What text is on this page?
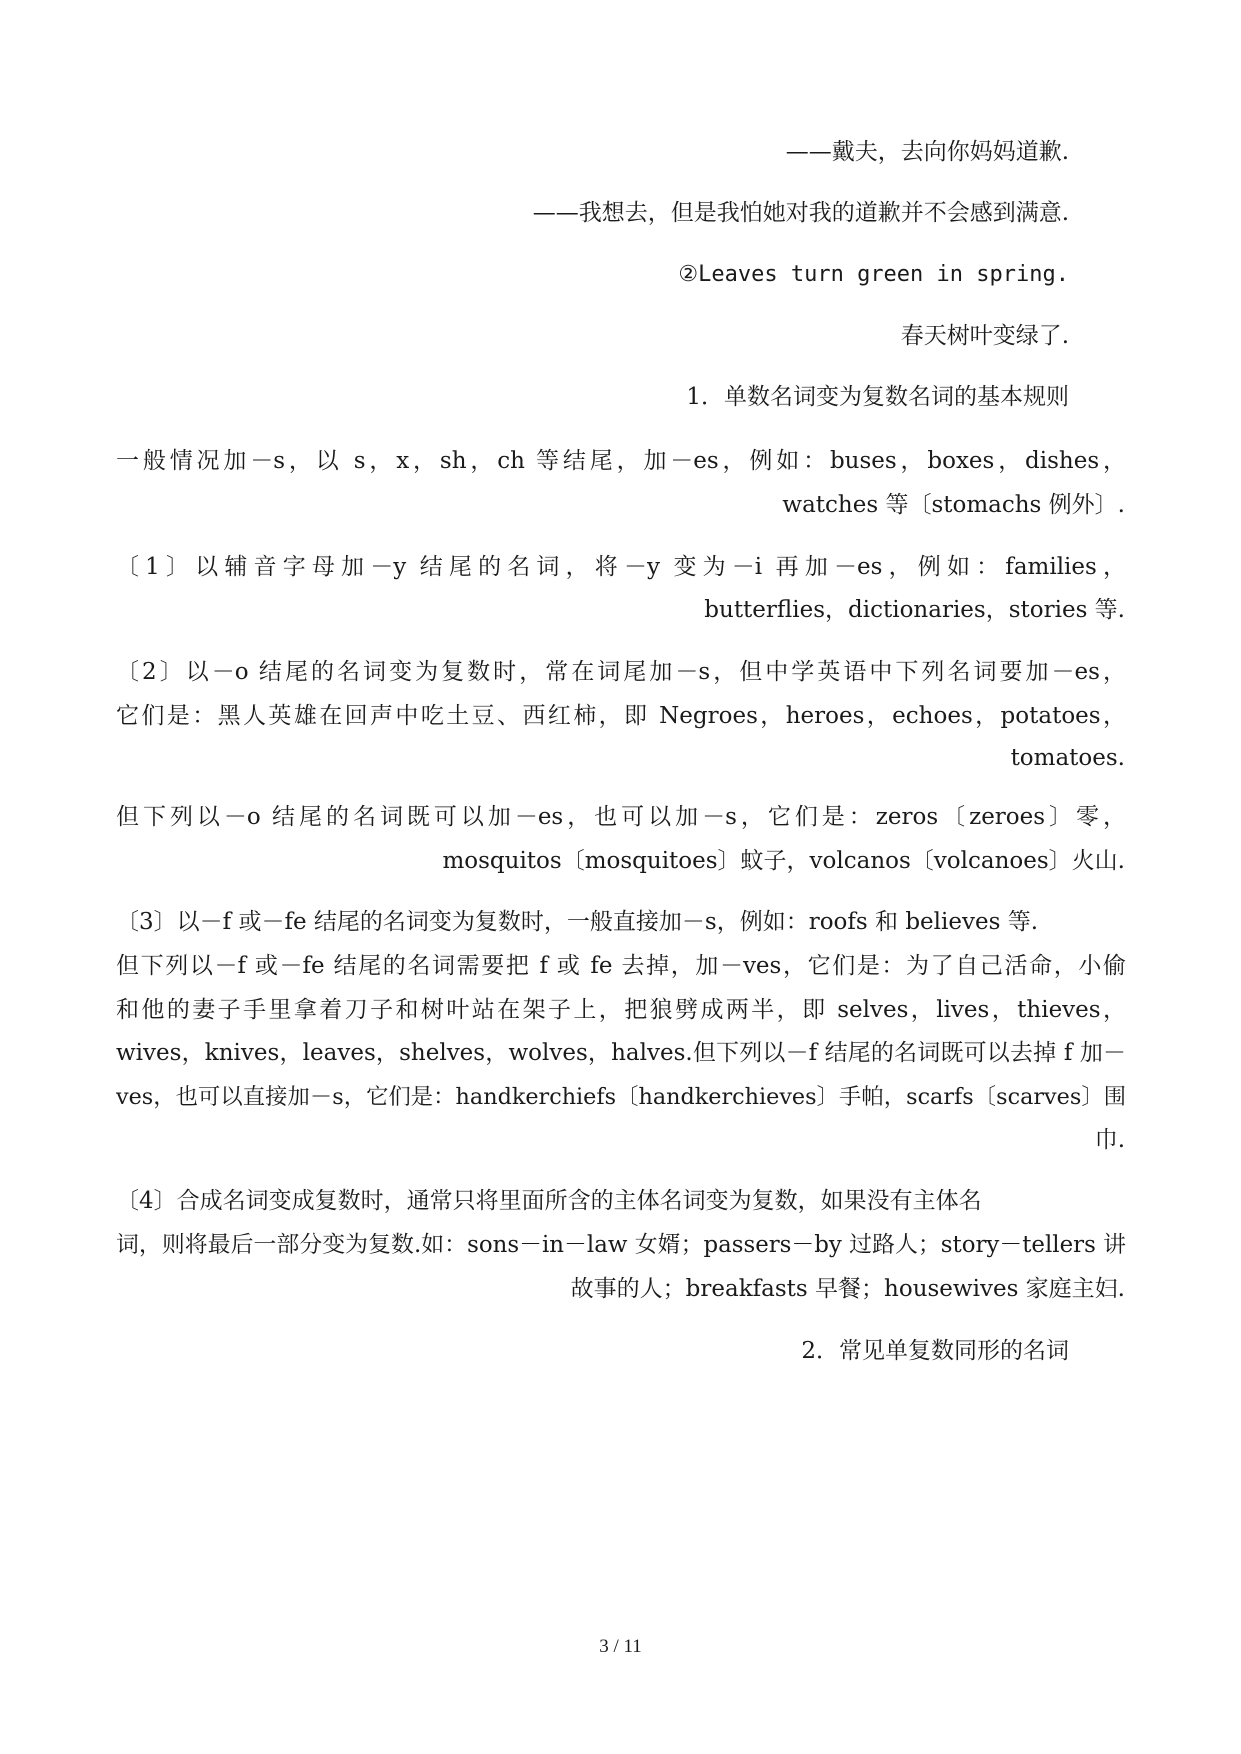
——戴夫，去向你妈妈道歉.
——我想去，但是我怕她对我的道歉并不会感到满意.
②Leaves turn green in spring.
春天树叶变绿了.
1．单数名词变为复数名词的基本规则
一般情况加－s，以 s，x，sh，ch 等结尾，加－es，例如：buses，boxes，dishes，
watches 等〔stomachs 例外〕.
〔1〕以辅音字母加－y 结尾的名词，将－y 变为－i 再加－es，例如：families，
butterflies，dictionaries，stories 等.
〔2〕以－o 结尾的名词变为复数时，常在词尾加－s，但中学英语中下列名词要加－es，
它们是：黑人英雄在回声中吃土豆、西红柿，即 Negroes，heroes，echoes，potatoes，
tomatoes.
但下列以－o 结尾的名词既可以加－es，也可以加－s，它们是：zeros〔zeroes〕零，
mosquitos〔mosquitoes〕蚊子，volcanos〔volcanoes〕火山.
〔3〕以－f 或－fe 结尾的名词变为复数时，一般直接加－s，例如：roofs 和 believes 等.
但下列以－f 或－fe 结尾的名词需要把 f 或 fe 去掉，加－ves，它们是：为了自己活命，小偷
和他的妻子手里拿着刀子和树叶站在架子上，把狼劈成两半，即 selves，lives，thieves，
wives，knives，leaves，shelves，wolves，halves.但下列以－f 结尾的名词既可以去掉 f 加－
ves，也可以直接加－s，它们是：handkerchiefs〔handkerchieves〕手帕，scarfs〔scarves〕围
巾.
〔4〕合成名词变成复数时，通常只将里面所含的主体名词变为复数，如果没有主体名
词，则将最后一部分变为复数.如：sons－in－law 女婿；passers－by 过路人；story－tellers 讲
故事的人；breakfasts 早餐；housewives 家庭主妇.
2．常见单复数同形的名词
3 / 11
